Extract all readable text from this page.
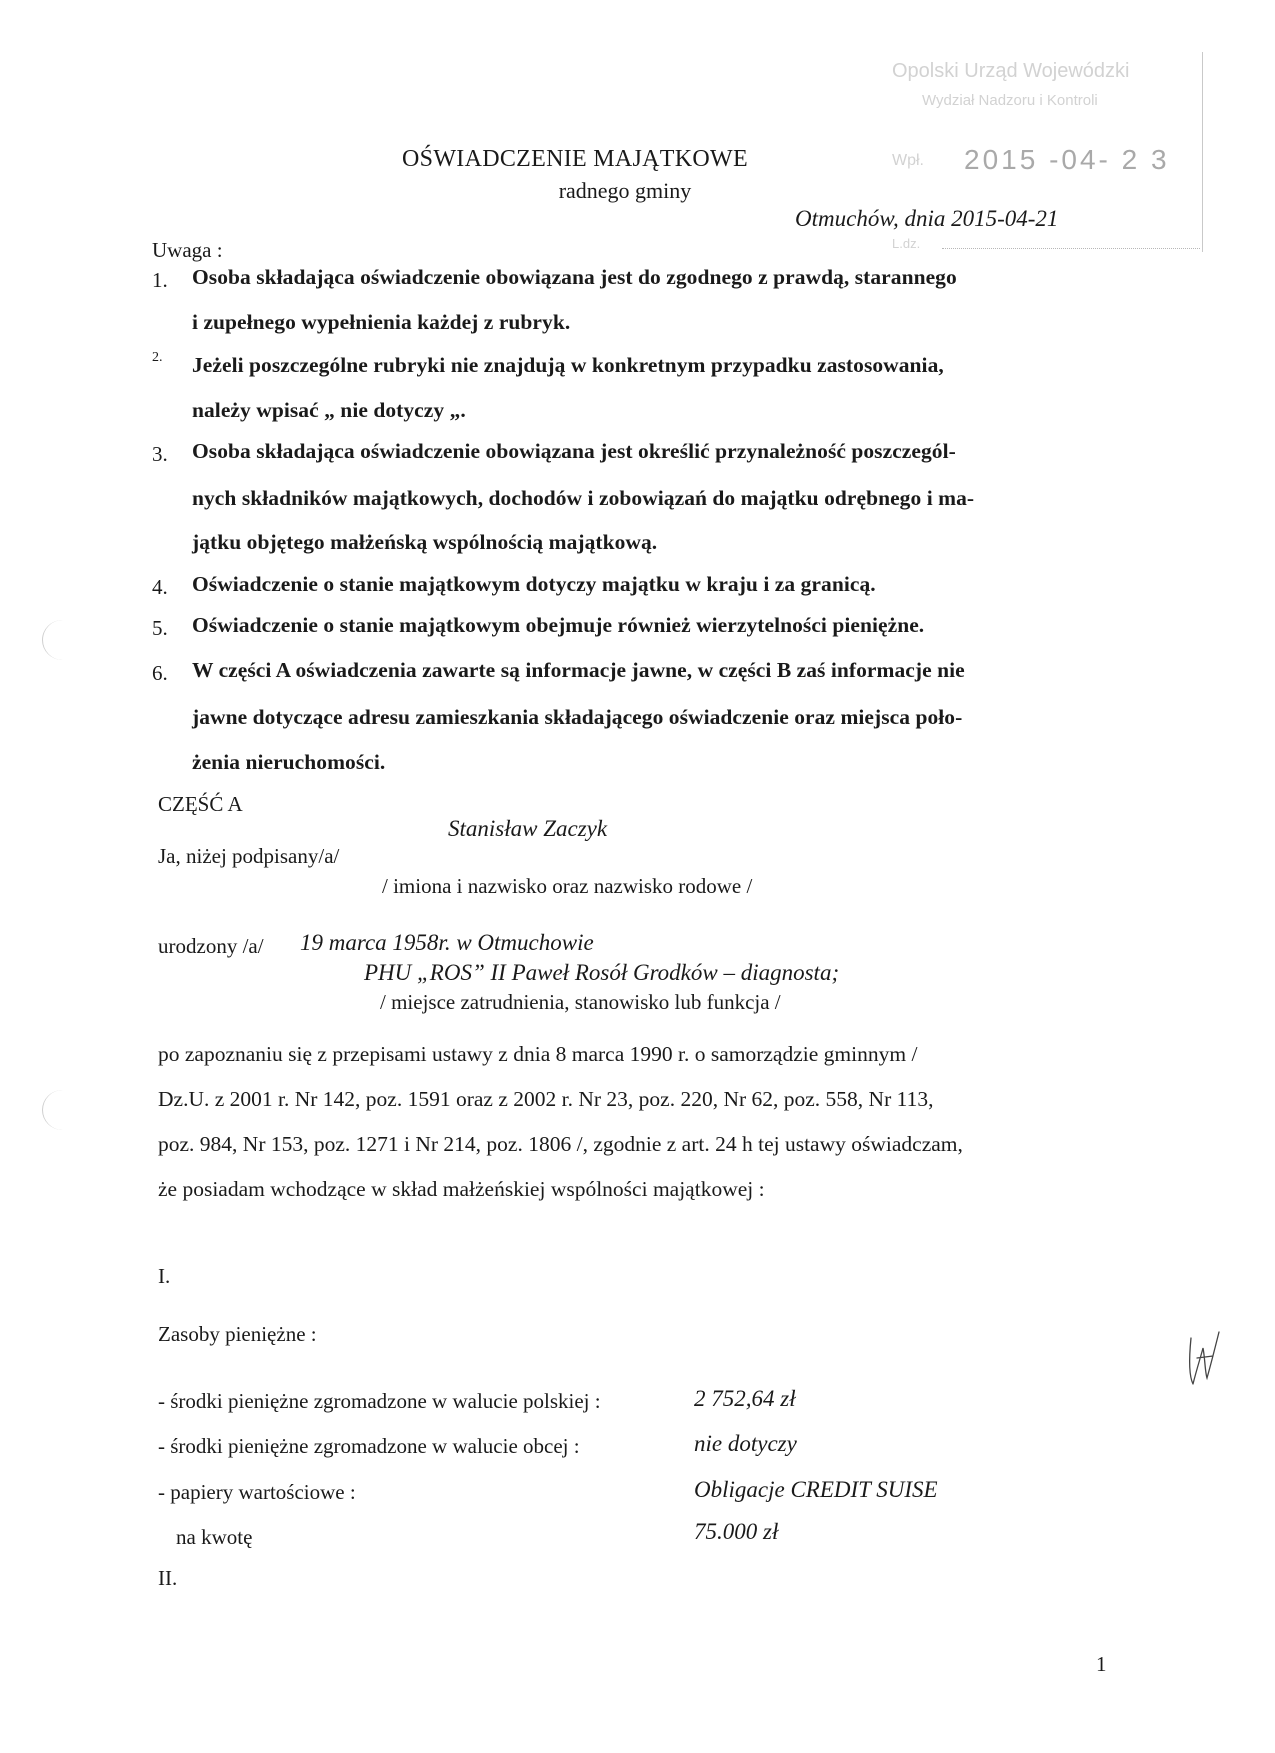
Opolski Urząd Wojewódzki
Wydział Nadzoru i Kontroli
Wpł. 2015 -04- 2 3
L.dz.
OŚWIADCZENIE MAJĄTKOWE
radnego gminy
Otmuchów, dnia 2015-04-21
Uwaga :
1. Osoba składająca oświadczenie obowiązana jest do zgodnego z prawdą, starannego
i zupełnego wypełnienia każdej z rubryk.
2. Jeżeli poszczególne rubryki nie znajdują w konkretnym przypadku zastosowania,
należy wpisać „ nie dotyczy „.
3. Osoba składająca oświadczenie obowiązana jest określić przynależność poszczegól-
nych składników majątkowych, dochodów i zobowiązań do majątku odrębnego i ma-
jątku objętego małżeńską wspólnością majątkową.
4. Oświadczenie o stanie majątkowym dotyczy majątku w kraju i za granicą.
5. Oświadczenie o stanie majątkowym obejmuje również wierzytelności pieniężne.
6. W części A oświadczenia zawarte są informacje jawne, w części B zaś informacje nie
jawne dotyczące adresu zamieszkania składającego oświadczenie oraz miejsca poło-
żenia nieruchomości.
CZĘŚĆ A
Stanisław Zaczyk
Ja, niżej podpisany/a/
/ imiona i nazwisko oraz nazwisko rodowe /
urodzony /a/ 19 marca 1958r. w Otmuchowie
PHU „ROS” II Paweł Rosół Grodków – diagnosta;
/ miejsce zatrudnienia, stanowisko lub funkcja /
po zapoznaniu się z przepisami ustawy z dnia 8 marca 1990 r. o samorządzie gminnym /
Dz.U. z 2001 r. Nr 142, poz. 1591 oraz z 2002 r. Nr 23, poz. 220, Nr 62, poz. 558, Nr 113,
poz. 984, Nr 153, poz. 1271 i Nr 214, poz. 1806 /, zgodnie z art. 24 h tej ustawy oświadczam,
że posiadam wchodzące w skład małżeńskiej wspólności majątkowej :
I.
Zasoby pieniężne :
- środki pieniężne zgromadzone w walucie polskiej :	2 752,64 zł
- środki pieniężne zgromadzone w walucie obcej :	nie dotyczy
- papiery wartościowe :	Obligacje CREDIT SUISE
na kwotę	75.000 zł
II.
1
